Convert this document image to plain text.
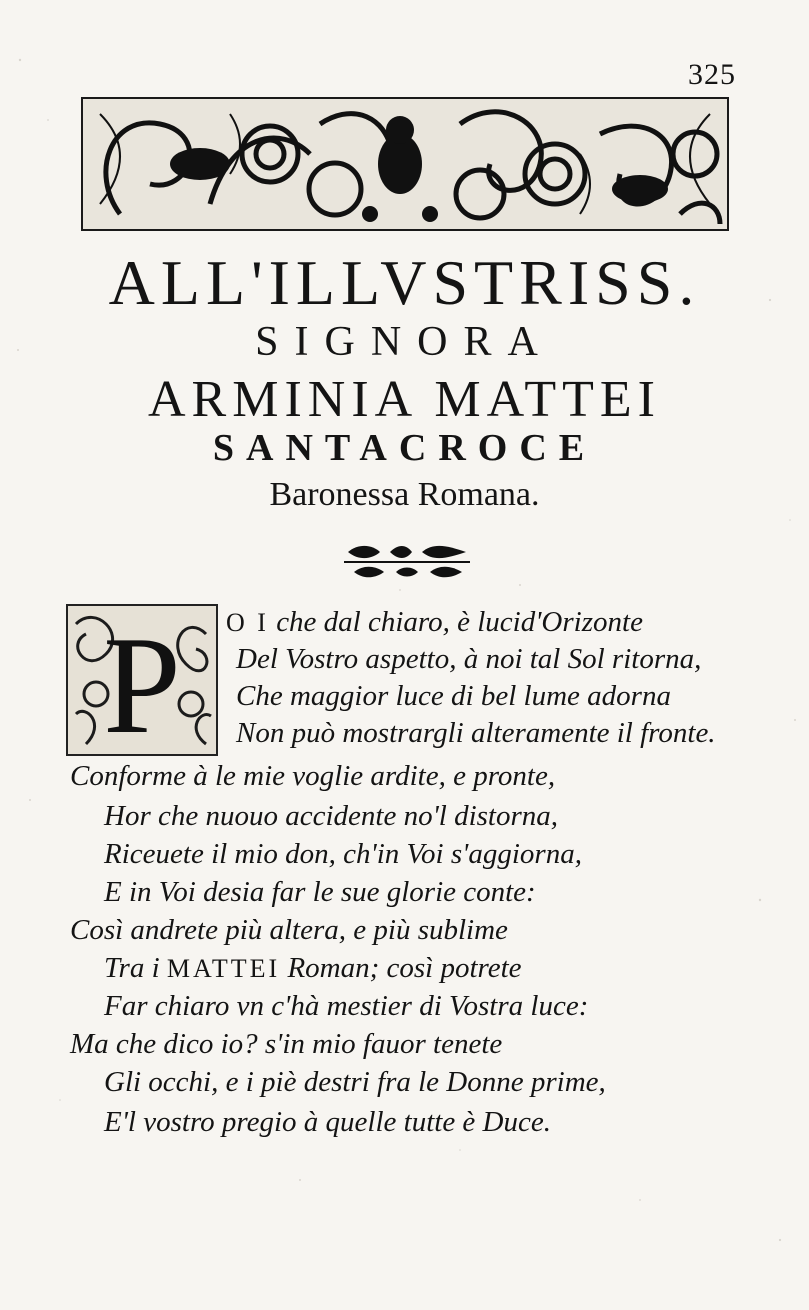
325
ALL'ILLVSTRISS.
SIGNORA
ARMINIA MATTEI
SANTACROCE
Baronessa Romana.
P O I che dal chiaro, è lucid'Orizonte
Del Vostro aspetto, à noi tal Sol ritorna,
Che maggior luce di bel lume adorna
Non può mostrargli alteramente il fronte.
Conforme à le mie voglie ardite, e pronte,
Hor che nuouo accidente no'l distorna,
Riceuete il mio don, ch'in Voi s'aggiorna,
E in Voi desia far le sue glorie conte:
Così andrete più altera, e più sublime
Tra i MATTEI Roman; così potrete
Far chiaro vn c'hà mestier di Vostra luce:
Ma che dico io? s'in mio fauor tenete
Gli occhi, e i piè destri fra le Donne prime,
E'l vostro pregio à quelle tutte è Duce.
